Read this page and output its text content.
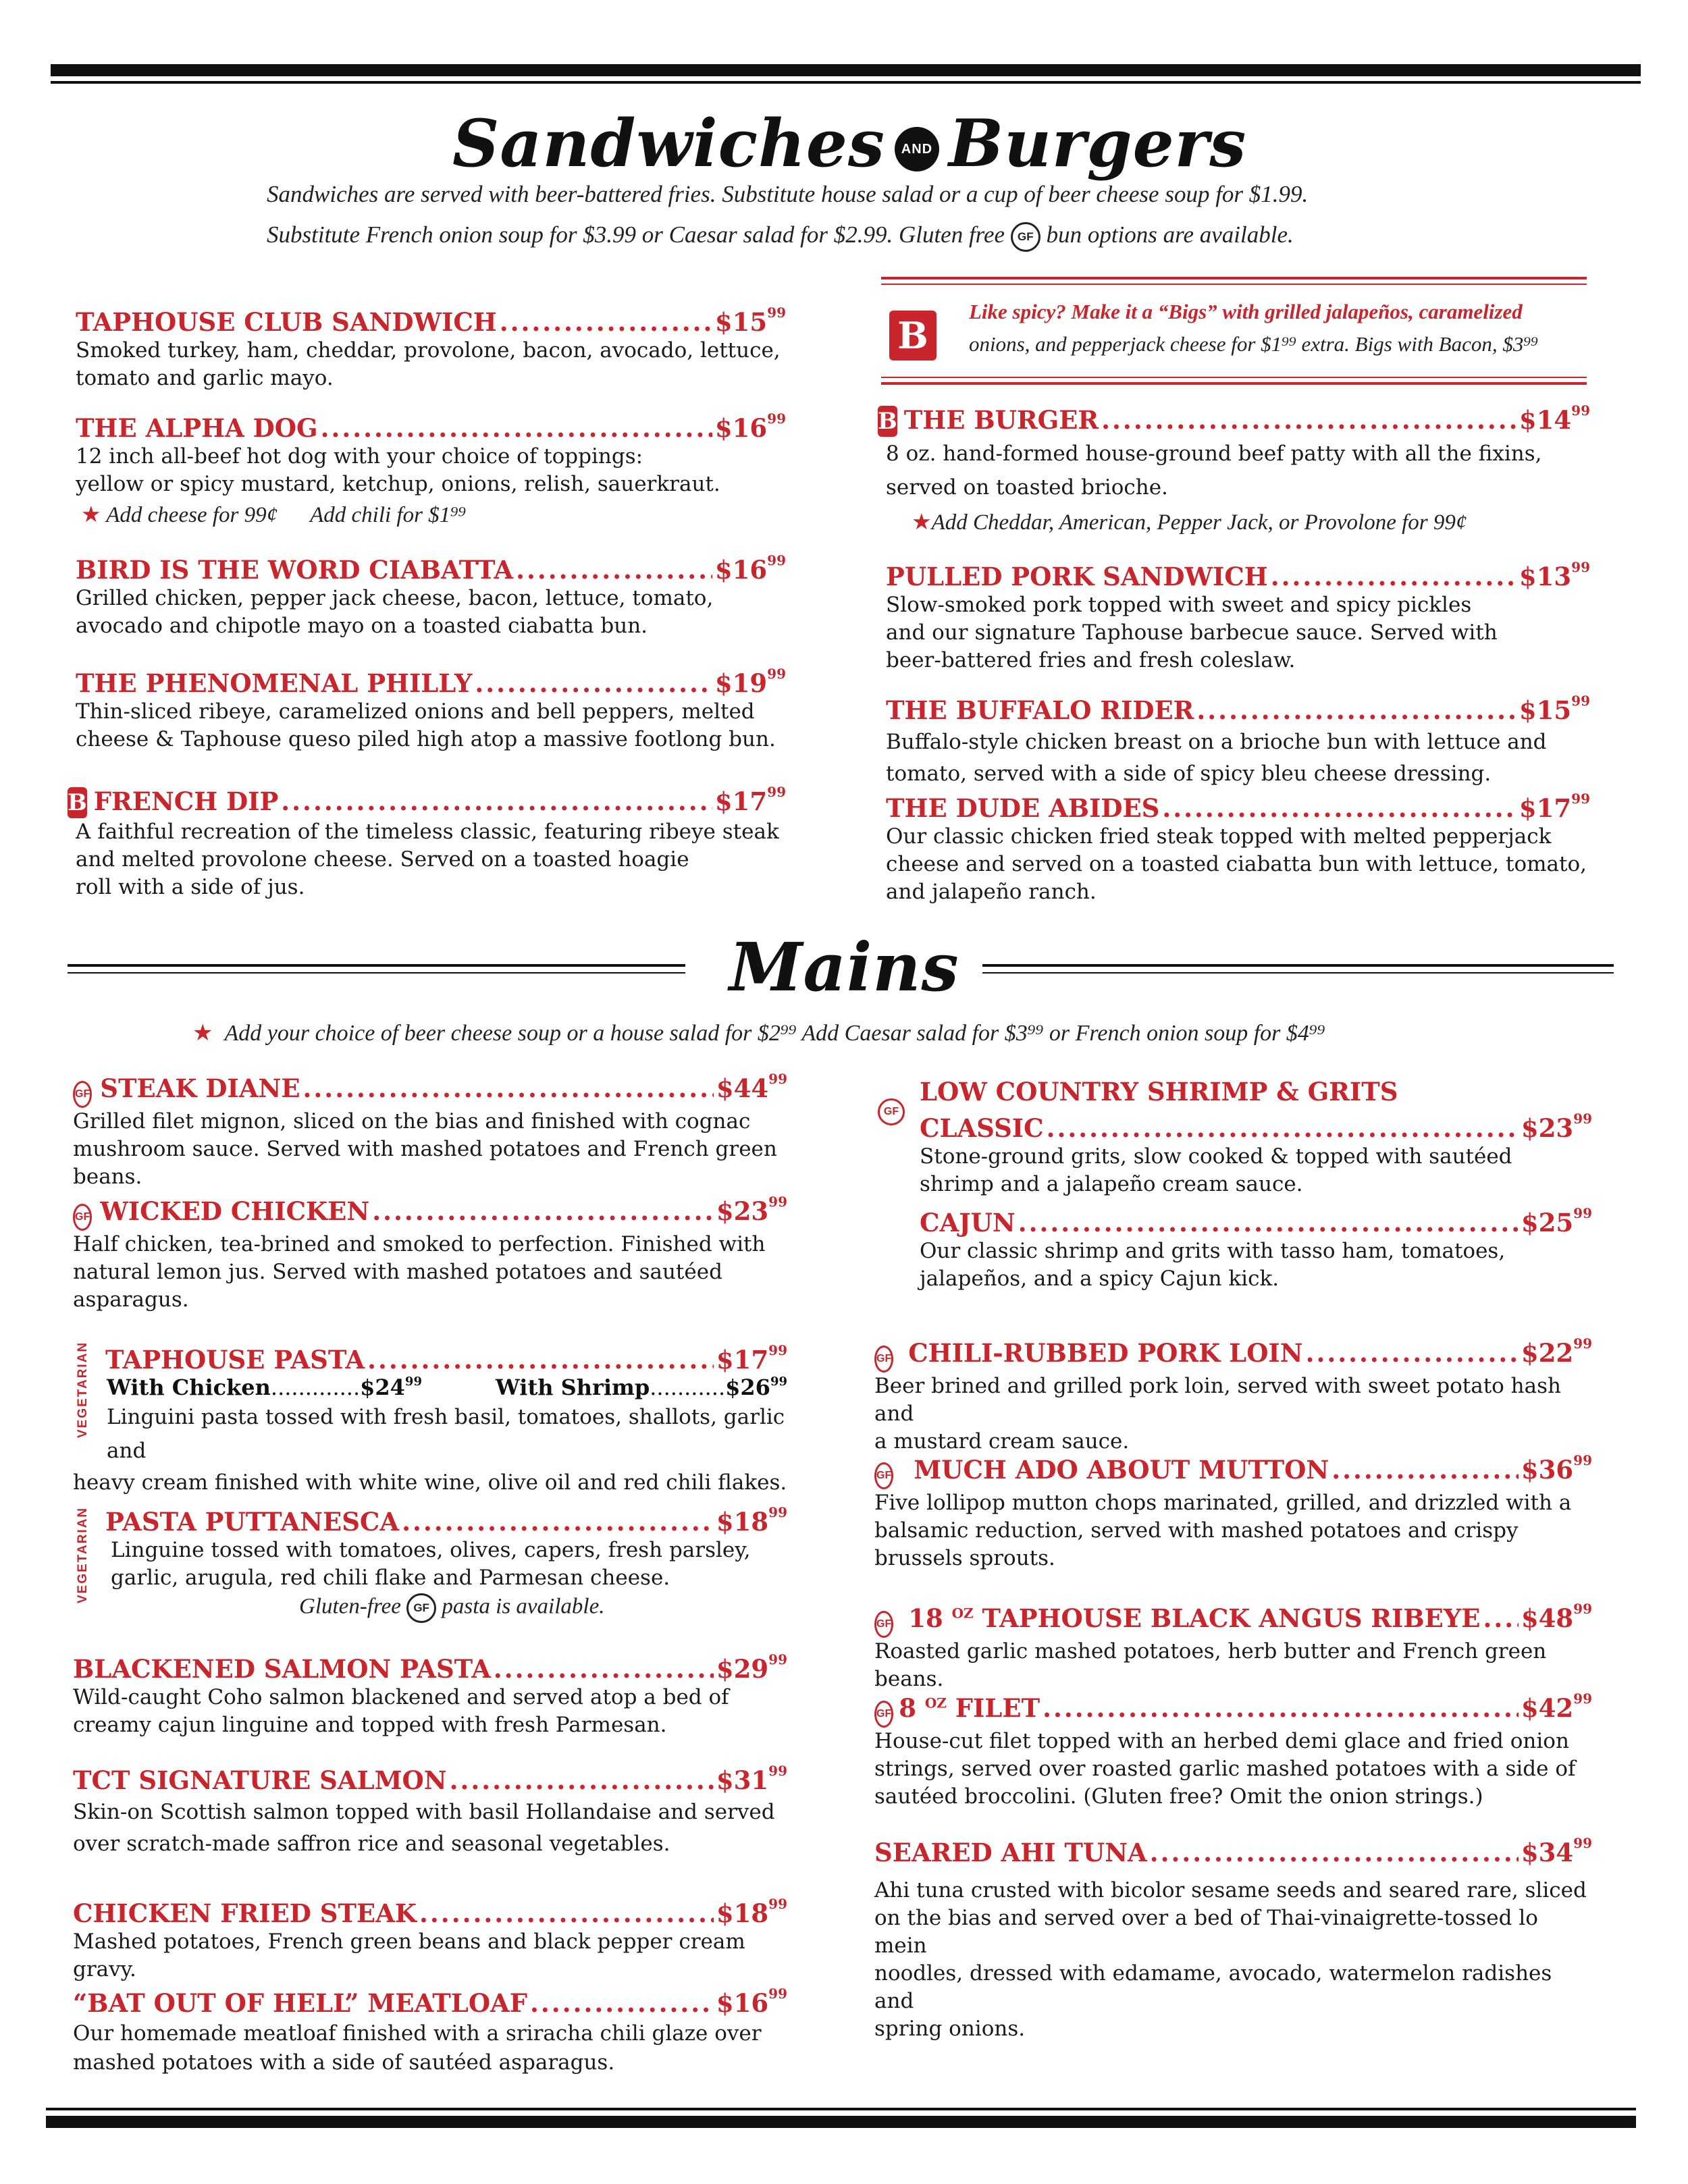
Sandwiches AND Burgers
Sandwiches are served with beer-battered fries. Substitute house salad or a cup of beer cheese soup for $1.99.
Substitute French onion soup for $3.99 or Caesar salad for $2.99. Gluten free GF bun options are available.
B
Like spicy? Make it a “Bigs” with grilled jalapeños, caramelized
onions, and pepperjack cheese for $1⁹⁹ extra. Bigs with Bacon, $3⁹⁹
TAPHOUSE CLUB SANDWICH .....	$\$15^{99}$
Smoked turkey, ham, cheddar, provolone, bacon, avocado, lettuce,
tomato and garlic mayo.
THE ALPHA DOG .....	$\$16^{99}$
12 inch all-beef hot dog with your choice of toppings:
yellow or spicy mustard, ketchup, onions, relish, sauerkraut.
★ Add cheese for 99¢ Add chili for $1⁹⁹
BIRD IS THE WORD CIABATTA .....	$\$16^{99}$
Grilled chicken, pepper jack cheese, bacon, lettuce, tomato,
avocado and chipotle mayo on a toasted ciabatta bun.
THE PHENOMENAL PHILLY .....	$\$19^{99}$
Thin-sliced ribeye, caramelized onions and bell peppers, melted
cheese & Taphouse queso piled high atop a massive footlong bun.
B FRENCH DIP .....	$\$17^{99}$
A faithful recreation of the timeless classic, featuring ribeye steak
and melted provolone cheese. Served on a toasted hoagie
roll with a side of jus.
B THE BURGER .....	$\$14^{99}$
8 oz. hand-formed house-ground beef patty with all the fixins,
served on toasted brioche.
★Add Cheddar, American, Pepper Jack, or Provolone for 99¢
PULLED PORK SANDWICH .....	$\$13^{99}$
Slow-smoked pork topped with sweet and spicy pickles
and our signature Taphouse barbecue sauce. Served with
beer-battered fries and fresh coleslaw.
THE BUFFALO RIDER .....	$\$15^{99}$
Buffalo-style chicken breast on a brioche bun with lettuce and
tomato, served with a side of spicy bleu cheese dressing.
THE DUDE ABIDES .....	$\$17^{99}$
Our classic chicken fried steak topped with melted pepperjack
cheese and served on a toasted ciabatta bun with lettuce, tomato,
and jalapeño ranch.
Mains
★ Add your choice of beer cheese soup or a house salad for $2⁹⁹ Add Caesar salad for $3⁹⁹ or French onion soup for $4⁹⁹
GF STEAK DIANE .....	$\$44^{99}$
Grilled filet mignon, sliced on the bias and finished with cognac
mushroom sauce. Served with mashed potatoes and French green beans.
GF WICKED CHICKEN .....	$\$23^{99}$
Half chicken, tea-brined and smoked to perfection. Finished with
natural lemon jus. Served with mashed potatoes and sautéed
asparagus.
VEGETARIAN TAPHOUSE PASTA .....	$\$17^{99}$
With Chicken ............. $24 99	With Shrimp ........... $26 99
Linguini pasta tossed with fresh basil, tomatoes, shallots, garlic and
heavy cream finished with white wine, olive oil and red chili flakes.
VEGETARIAN PASTA PUTTANESCA .....	$\$18^{99}$
Linguine tossed with tomatoes, olives, capers, fresh parsley,
garlic, arugula, red chili flake and Parmesan cheese.
Gluten-free GF pasta is available.
BLACKENED SALMON PASTA .....	$\$29^{99}$
Wild-caught Coho salmon blackened and served atop a bed of
creamy cajun linguine and topped with fresh Parmesan.
TCT SIGNATURE SALMON .....	$\$31^{99}$
Skin-on Scottish salmon topped with basil Hollandaise and served
over scratch-made saffron rice and seasonal vegetables.
CHICKEN FRIED STEAK .....	$\$18^{99}$
Mashed potatoes, French green beans and black pepper cream gravy.
“BAT OUT OF HELL” MEATLOAF .....	$\$16^{99}$
Our homemade meatloaf finished with a sriracha chili glaze over
mashed potatoes with a side of sautéed asparagus.
GF
LOW COUNTRY SHRIMP & GRITS
CLASSIC .....	$\$23^{99}$
Stone-ground grits, slow cooked & topped with sautéed
shrimp and a jalapeño cream sauce.
CAJUN .....	$\$25^{99}$
Our classic shrimp and grits with tasso ham, tomatoes,
jalapeños, and a spicy Cajun kick.
GF CHILI-RUBBED PORK LOIN .....	$\$22^{99}$
Beer brined and grilled pork loin, served with sweet potato hash and
a mustard cream sauce.
GF MUCH ADO ABOUT MUTTON .....	$\$36^{99}$
Five lollipop mutton chops marinated, grilled, and drizzled with a
balsamic reduction, served with mashed potatoes and crispy
brussels sprouts.
GF 18 $^{OZ}$ TAPHOUSE BLACK ANGUS RIBEYE ..... $\$48^{99}$
Roasted garlic mashed potatoes, herb butter and French green beans.
GF 8 $^{OZ}$ FILET .....	$\$42^{99}$
House-cut filet topped with an herbed demi glace and fried onion
strings, served over roasted garlic mashed potatoes with a side of
sautéed broccolini. (Gluten free? Omit the onion strings.)
SEARED AHI TUNA .....	$\$34^{99}$
Ahi tuna crusted with bicolor sesame seeds and seared rare, sliced
on the bias and served over a bed of Thai-vinaigrette-tossed lo mein
noodles, dressed with edamame, avocado, watermelon radishes and
spring onions.
